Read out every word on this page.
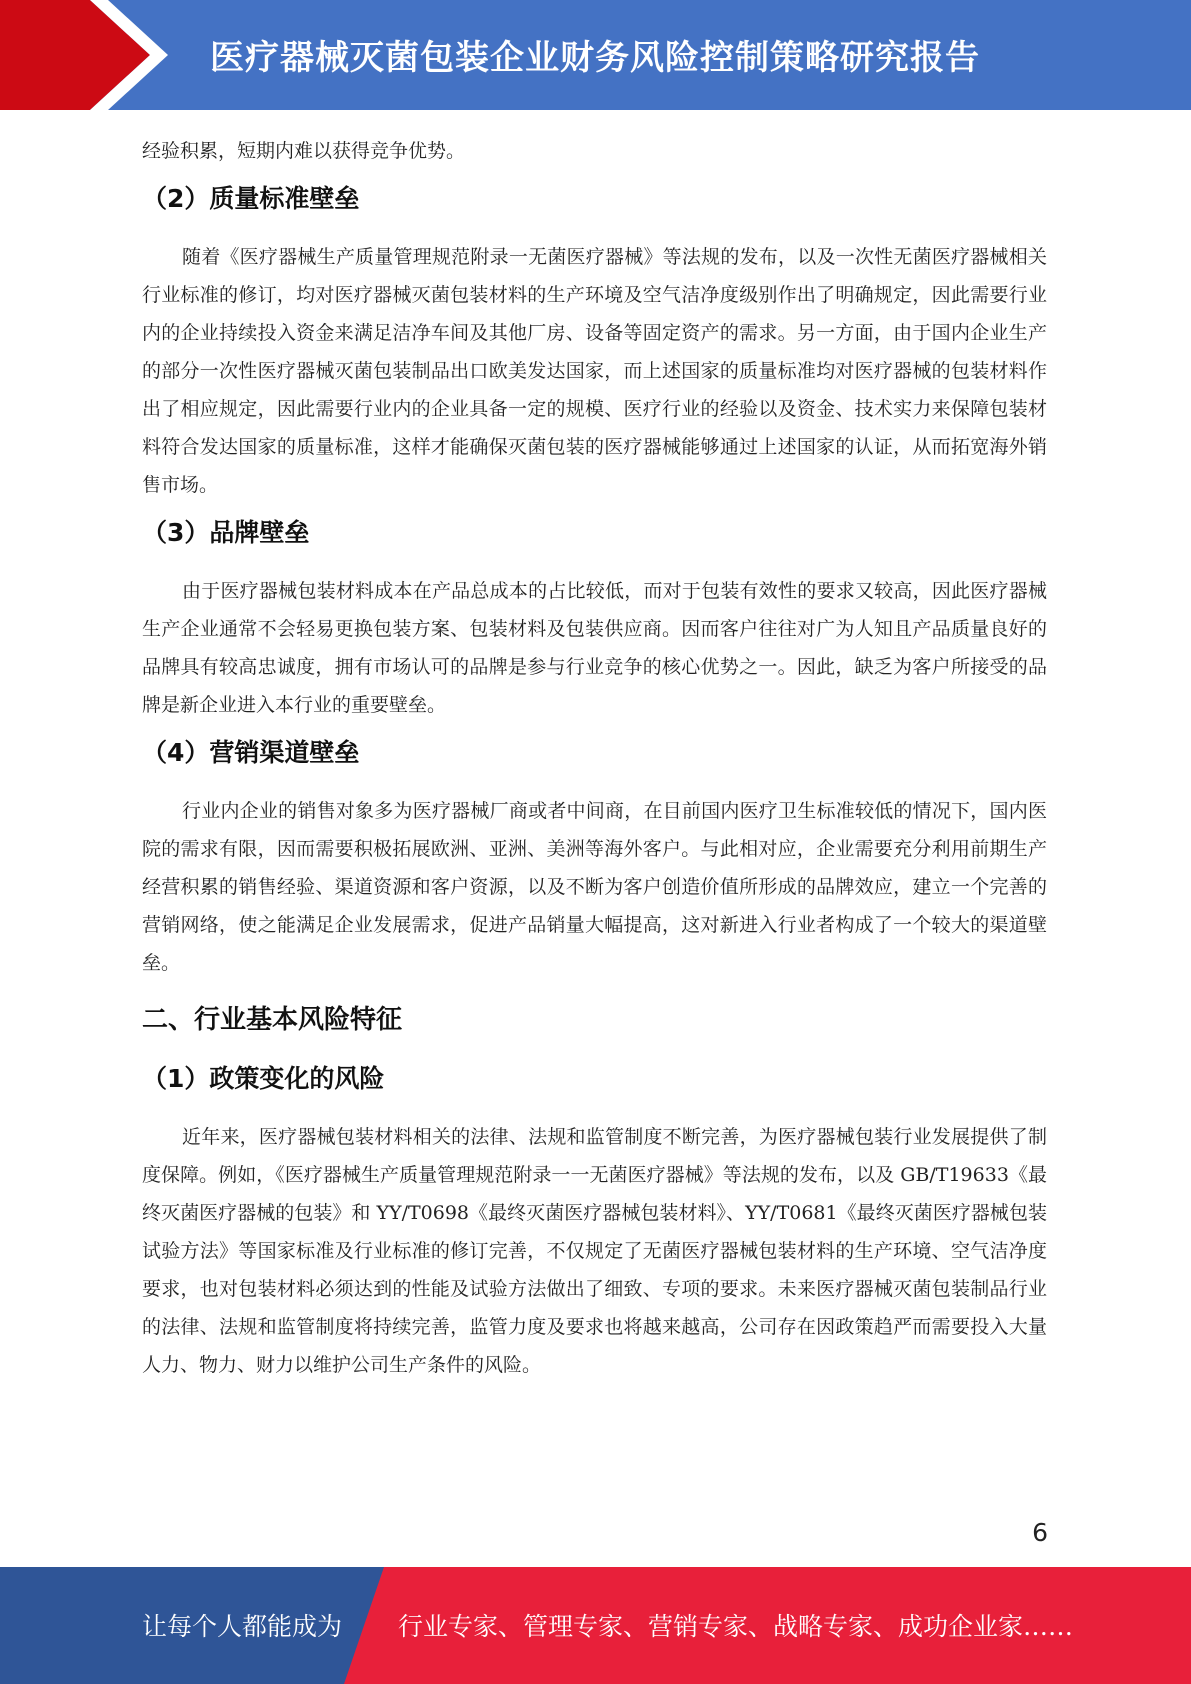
医疗器械灭菌包装企业财务风险控制策略研究报告

经验积累，短期内难以获得竞争优势。

（2）质量标准壁垒

随着《医疗器械生产质量管理规范附录一无菌医疗器械》等法规的发布，以及一次性无菌医疗器械相关行业标准的修订，均对医疗器械灭菌包装材料的生产环境及空气洁净度级别作出了明确规定，因此需要行业内的企业持续投入资金来满足洁净车间及其他厂房、设备等固定资产的需求。另一方面，由于国内企业生产的部分一次性医疗器械灭菌包装制品出口欧美发达国家，而上述国家的质量标准均对医疗器械的包装材料作出了相应规定，因此需要行业内的企业具备一定的规模、医疗行业的经验以及资金、技术实力来保障包装材料符合发达国家的质量标准，这样才能确保灭菌包装的医疗器械能够通过上述国家的认证，从而拓宽海外销售市场。

（3）品牌壁垒

由于医疗器械包装材料成本在产品总成本的占比较低，而对于包装有效性的要求又较高，因此医疗器械生产企业通常不会轻易更换包装方案、包装材料及包装供应商。因而客户往往对广为人知且产品质量良好的品牌具有较高忠诚度，拥有市场认可的品牌是参与行业竞争的核心优势之一。因此，缺乏为客户所接受的品牌是新企业进入本行业的重要壁垒。

（4）营销渠道壁垒

行业内企业的销售对象多为医疗器械厂商或者中间商，在目前国内医疗卫生标准较低的情况下，国内医院的需求有限，因而需要积极拓展欧洲、亚洲、美洲等海外客户。与此相对应，企业需要充分利用前期生产经营积累的销售经验、渠道资源和客户资源，以及不断为客户创造价值所形成的品牌效应，建立一个完善的营销网络，使之能满足企业发展需求，促进产品销量大幅提高，这对新进入行业者构成了一个较大的渠道壁垒。

二、行业基本风险特征
（1）政策变化的风险

近年来，医疗器械包装材料相关的法律、法规和监管制度不断完善，为医疗器械包装行业发展提供了制度保障。例如，《医疗器械生产质量管理规范附录一一无菌医疗器械》等法规的发布，以及 GB/T19633《最终灭菌医疗器械的包装》和 YY/T0698《最终灭菌医疗器械包装材料》、YY/T0681《最终灭菌医疗器械包装试验方法》等国家标准及行业标准的修订完善，不仅规定了无菌医疗器械包装材料的生产环境、空气洁净度要求，也对包装材料必须达到的性能及试验方法做出了细致、专项的要求。未来医疗器械灭菌包装制品行业的法律、法规和监管制度将持续完善，监管力度及要求也将越来越高，公司存在因政策趋严而需要投入大量人力、物力、财力以维护公司生产条件的风险。

6
让每个人都能成为 行业专家、管理专家、营销专家、战略专家、成功企业家……
